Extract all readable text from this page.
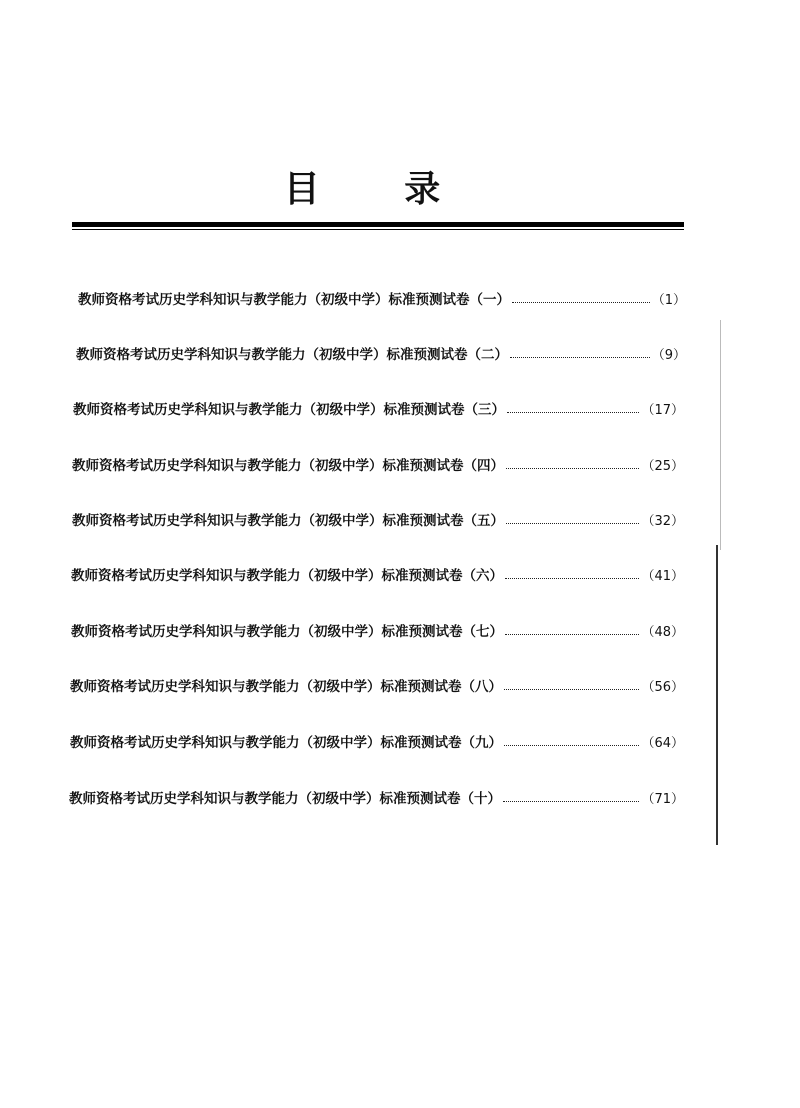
目 录
教师资格考试历史学科知识与教学能力（初级中学）标准预测试卷（一）	（1）
教师资格考试历史学科知识与教学能力（初级中学）标准预测试卷（二）	（9）
教师资格考试历史学科知识与教学能力（初级中学）标准预测试卷（三）	（17）
教师资格考试历史学科知识与教学能力（初级中学）标准预测试卷（四）	（25）
教师资格考试历史学科知识与教学能力（初级中学）标准预测试卷（五）	（32）
教师资格考试历史学科知识与教学能力（初级中学）标准预测试卷（六）	（41）
教师资格考试历史学科知识与教学能力（初级中学）标准预测试卷（七）	（48）
教师资格考试历史学科知识与教学能力（初级中学）标准预测试卷（八）	（56）
教师资格考试历史学科知识与教学能力（初级中学）标准预测试卷（九）	（64）
教师资格考试历史学科知识与教学能力（初级中学）标准预测试卷（十）	（71）
